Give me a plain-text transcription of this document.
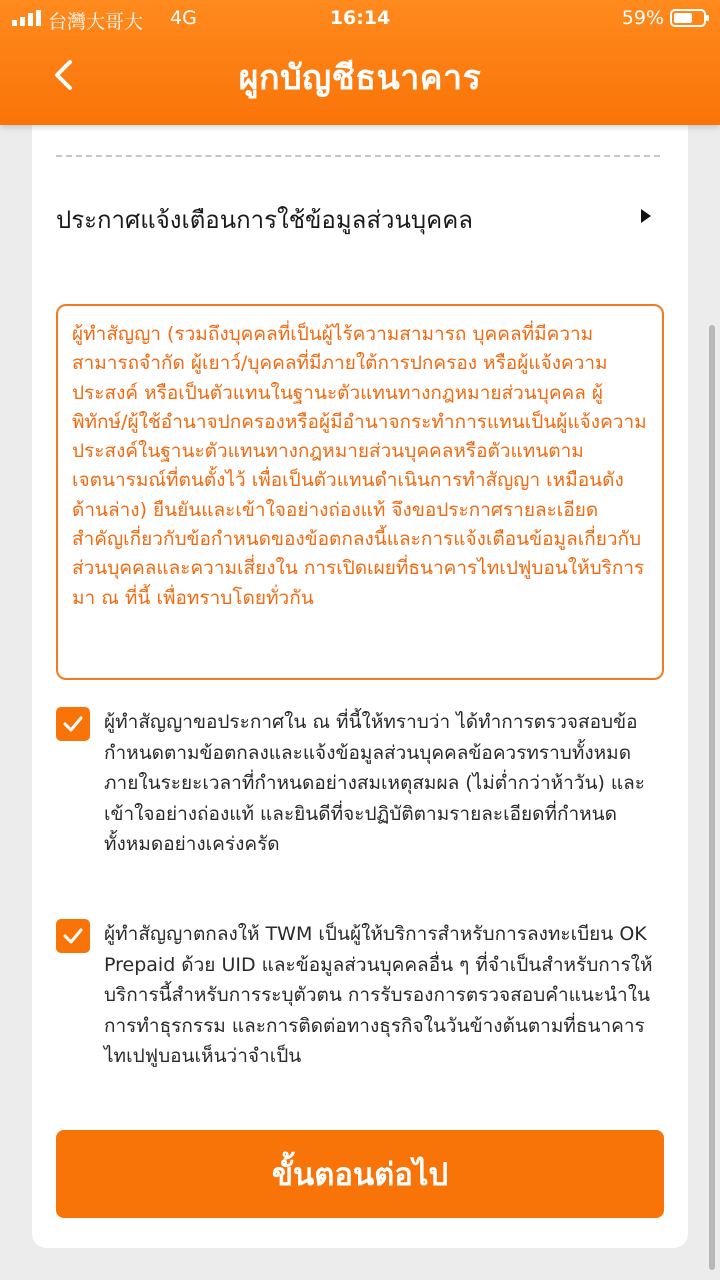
ประกาศแจ้งเตือนการใช้ข้อมูลส่วนบุคคล

ผู้ทำสัญญา (รวมถึงบุคคลที่เป็นผู้ไร้ความสามารถ บุคคลที่มีความสามารถจำกัด ผู้เยาว์/บุคคลที่มีภายใต้การปกครอง หรือผู้แจ้งความประสงค์ หรือเป็นตัวแทนในฐานะตัวแทนทางกฎหมายส่วนบุคคล ผู้พิทักษ์/ผู้ใช้อำนาจปกครองหรือผู้มีอำนาจกระทำการแทนเป็นผู้แจ้งความประสงค์ในฐานะตัวแทนทางกฎหมายส่วนบุคคลหรือตัวแทนตามเจตนารมณ์ที่ตนตั้งไว้ เพื่อเป็นตัวแทนดำเนินการทำสัญญา เหมือนดังด้านล่าง) ยืนยันและเข้าใจอย่างถ่องแท้ จึงขอประกาศรายละเอียดสำคัญเกี่ยวกับข้อกำหนดของข้อตกลงนี้และการแจ้งเตือนข้อมูลเกี่ยวกับส่วนบุคคลและความเสี่ยงใน การเปิดเผยที่ธนาคารไทเปฟูบอนให้บริการมา ณ ที่นี้ เพื่อทราบโดยทั่วกัน

ผู้ทำสัญญาขอประกาศใน ณ ที่นี้ให้ทราบว่า ได้ทำการตรวจสอบข้อกำหนดตามข้อตกลงและแจ้งข้อมูลส่วนบุคคลข้อควรทราบทั้งหมดภายในระยะเวลาที่กำหนดอย่างสมเหตุสมผล (ไม่ต่ำกว่าห้าวัน) และเข้าใจอย่างถ่องแท้ และยินดีที่จะปฏิบัติตามรายละเอียดที่กำหนดทั้งหมดอย่างเคร่งครัด
ผู้ทำสัญญาตกลงให้ TWM เป็นผู้ให้บริการสำหรับการลงทะเบียน OK Prepaid ด้วย UID และข้อมูลส่วนบุคคลอื่น ๆ ที่จำเป็นสำหรับการให้บริการนี้สำหรับการระบุตัวตน การรับรองการตรวจสอบคำแนะนำในการทำธุรกรรม และการติดต่อทางธุรกิจในวันข้างต้นตามที่ธนาคารไทเปฟูบอนเห็นว่าจำเป็น
ขั้นตอนต่อไป
台灣大哥大 4G	16:14	59%
ผูกบัญชีธนาคาร
